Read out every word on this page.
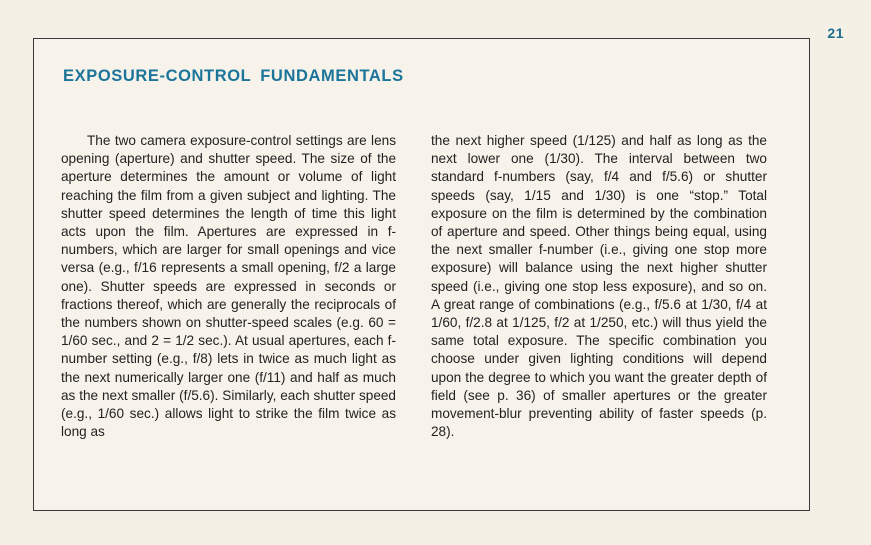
21
EXPOSURE-CONTROL FUNDAMENTALS
The two camera exposure-control settings are lens opening (aperture) and shutter speed. The size of the aperture determines the amount or volume of light reaching the film from a given subject and lighting. The shutter speed determines the length of time this light acts upon the film. Apertures are expressed in f-numbers, which are larger for small openings and vice versa (e.g., f/16 represents a small opening, f/2 a large one). Shutter speeds are expressed in seconds or fractions thereof, which are generally the reciprocals of the numbers shown on shutter-speed scales (e.g. 60 = 1/60 sec., and 2 = 1/2 sec.). At usual apertures, each f-number setting (e.g., f/8) lets in twice as much light as the next numerically larger one (f/11) and half as much as the next smaller (f/5.6). Similarly, each shutter speed (e.g., 1/60 sec.) allows light to strike the film twice as long as
the next higher speed (1/125) and half as long as the next lower one (1/30). The interval between two standard f-numbers (say, f/4 and f/5.6) or shutter speeds (say, 1/15 and 1/30) is one “stop.” Total exposure on the film is determined by the combination of aperture and speed. Other things being equal, using the next smaller f-number (i.e., giving one stop more exposure) will balance using the next higher shutter speed (i.e., giving one stop less exposure), and so on. A great range of combinations (e.g., f/5.6 at 1/30, f/4 at 1/60, f/2.8 at 1/125, f/2 at 1/250, etc.) will thus yield the same total exposure. The specific combination you choose under given lighting conditions will depend upon the degree to which you want the greater depth of field (see p. 36) of smaller apertures or the greater movement-blur preventing ability of faster speeds (p. 28).
